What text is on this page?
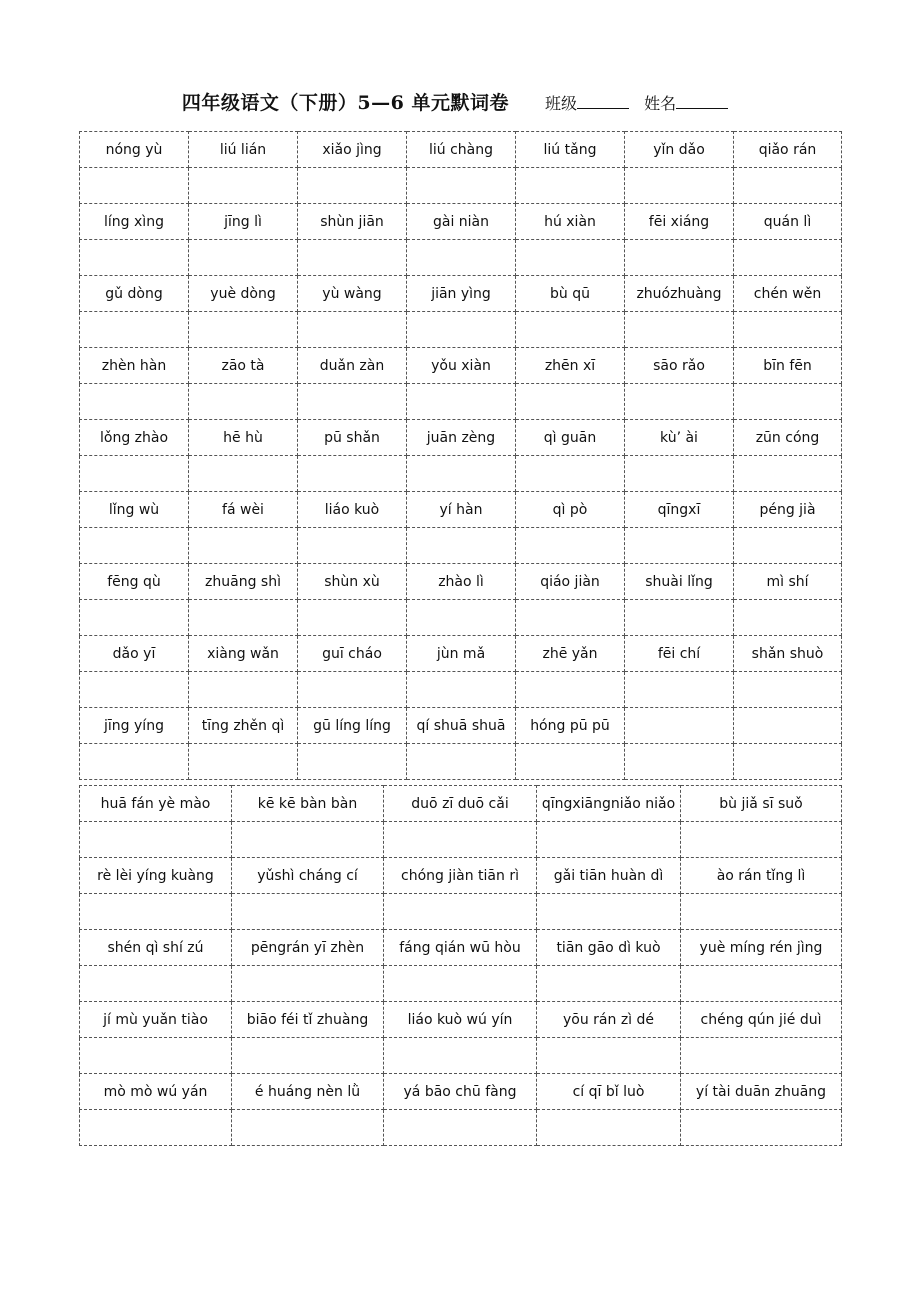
四年级语文（下册）5—6 单元默词卷 班级	姓名
nóng yù	liú lián	xiǎo jìng	liú chàng	liú tǎng	yǐn dǎo	qiǎo rán

líng xìng	jīng lì	shùn jiān	gài niàn	hú xiàn	fēi xiáng	quán lì

gǔ dòng	yuè dòng	yù wàng	jiān yìng	bù qū	zhuózhuàng	chén wěn

zhèn hàn	zāo tà	duǎn zàn	yǒu xiàn	zhēn xī	sāo rǎo	bīn fēn

lǒng zhào	hē hù	pū shǎn	juān zèng	qì guān	kù’ ài	zūn cóng

lǐng wù	fá wèi	liáo kuò	yí hàn	qì pò	qīngxī	péng jià

fēng qù	zhuāng shì	shùn xù	zhào lì	qiáo jiàn	shuài lǐng	mì shí

dǎo yī	xiàng wǎn	guī cháo	jùn mǎ	zhē yǎn	fēi chí	shǎn shuò

jīng yíng	tīng zhěn qì	gū líng líng	qí shuā shuā	hóng pū pū		

huā fán yè mào	kē kē bàn bàn	duō zī duō cǎi	qīngxiāngniǎo niǎo	bù jiǎ sī suǒ

rè lèi yíng kuàng	yǔshì cháng cí	chóng jiàn tiān rì	gǎi tiān huàn dì	ào rán tǐng lì

shén qì shí zú	pēngrán yī zhèn	fáng qián wū hòu	tiān gāo dì kuò	yuè míng rén jìng

jí mù yuǎn tiào	biāo féi tǐ zhuàng	liáo kuò wú yín	yōu rán zì dé	chéng qún jié duì

mò mò wú yán	é huáng nèn lǜ	yá bāo chū fàng	cí qī bǐ luò	yí tài duān zhuāng
